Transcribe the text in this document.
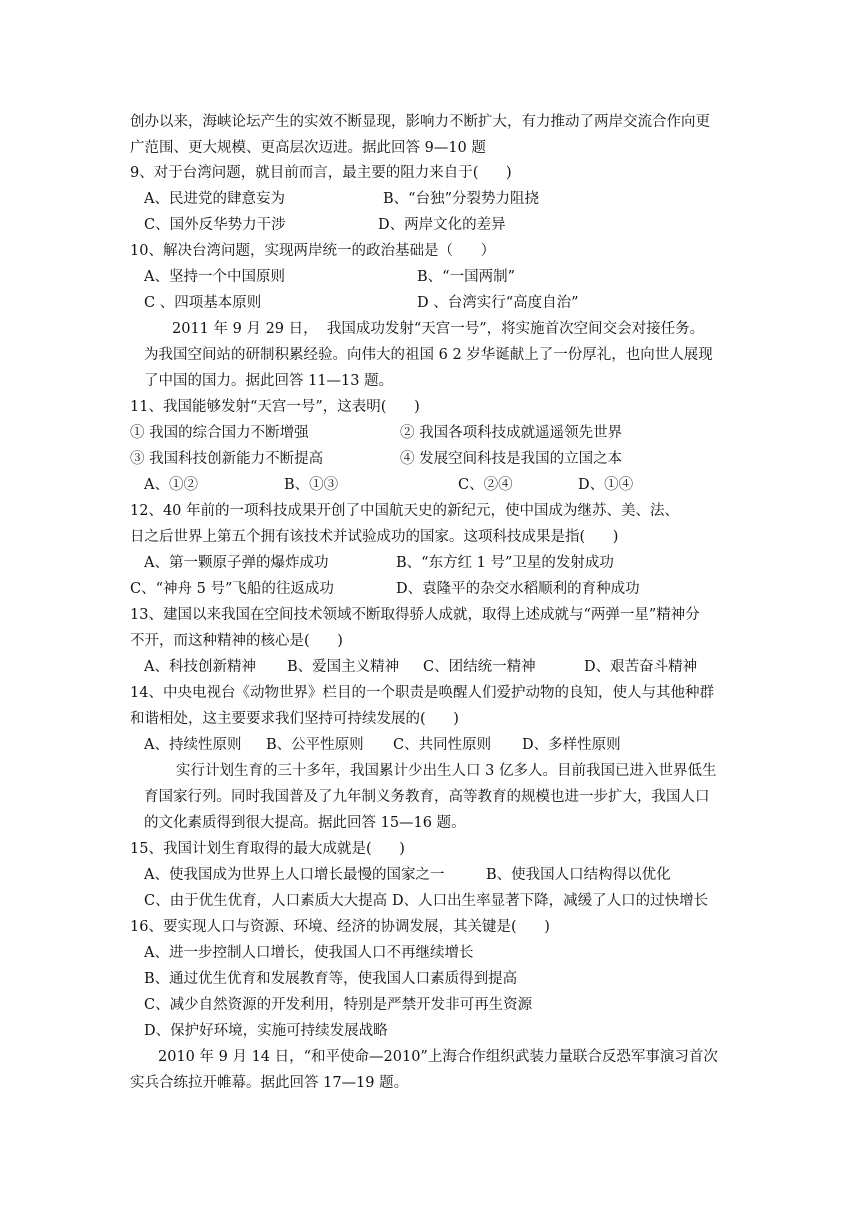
创办以来，海峡论坛产生的实效不断显现，影响力不断扩大，有力推动了两岸交流合作向更
广范围、更大规模、更高层次迈进。据此回答 9—10 题
9、对于台湾问题，就目前而言，最主要的阻力来自于(      )
A、民进党的肆意妄为	B、“台独”分裂势力阻挠
C、国外反华势力干涉	D、两岸文化的差异
10、解决台湾问题，实现两岸统一的政治基础是（      ）
A、坚持一个中国原则	B、“一国两制”
C 、四项基本原则	D 、台湾实行“高度自治”
2011 年 9 月 29 日，  我国成功发射“天宫一号”，将实施首次空间交会对接任务。
为我国空间站的研制积累经验。向伟大的祖国 6 2 岁华诞献上了一份厚礼，也向世人展现
了中国的国力。据此回答 11—13 题。
11、我国能够发射“天宫一号”，这表明(      )
① 我国的综合国力不断增强	② 我国各项科技成就遥遥领先世界
③ 我国科技创新能力不断提高	④ 发展空间科技是我国的立国之本
A、①②	B、①③	C、②④	D、①④
12、40 年前的一项科技成果开创了中国航天史的新纪元，使中国成为继苏、美、法、
日之后世界上第五个拥有该技术并试验成功的国家。这项科技成果是指(      )
A、第一颗原子弹的爆炸成功	B、“东方红 1 号”卫星的发射成功
C、“神舟 5 号”飞船的往返成功	D、袁隆平的杂交水稻顺利的育种成功
13、建国以来我国在空间技术领域不断取得骄人成就，取得上述成就与“两弹一星”精神分
不开，而这种精神的核心是(      )
A、科技创新精神 B、爱国主义精神 C、团结统一精神	D、艰苦奋斗精神
14、中央电视台《动物世界》栏目的一个职责是唤醒人们爱护动物的良知，使人与其他种群
和谐相处，这主要要求我们坚持可持续发展的(      )
A、持续性原则 B、公平性原则 C、共同性原则 D、多样性原则
实行计划生育的三十多年，我国累计少出生人口 3 亿多人。目前我国已进入世界低生
育国家行列。同时我国普及了九年制义务教育，高等教育的规模也进一步扩大，我国人口
的文化素质得到很大提高。据此回答 15—16 题。
15、我国计划生育取得的最大成就是(      )
A、使我国成为世界上人口增长最慢的国家之一	B、使我国人口结构得以优化
C、由于优生优育，人口素质大大提高 D、人口出生率显著下降，减缓了人口的过快增长
16、要实现人口与资源、环境、经济的协调发展，其关键是(      )
A、进一步控制人口增长，使我国人口不再继续增长
B、通过优生优育和发展教育等，使我国人口素质得到提高
C、减少自然资源的开发利用，特别是严禁开发非可再生资源
D、保护好环境，实施可持续发展战略
2010 年 9 月 14 日，“和平使命—2010”上海合作组织武装力量联合反恐军事演习首次
实兵合练拉开帷幕。据此回答 17—19 题。
